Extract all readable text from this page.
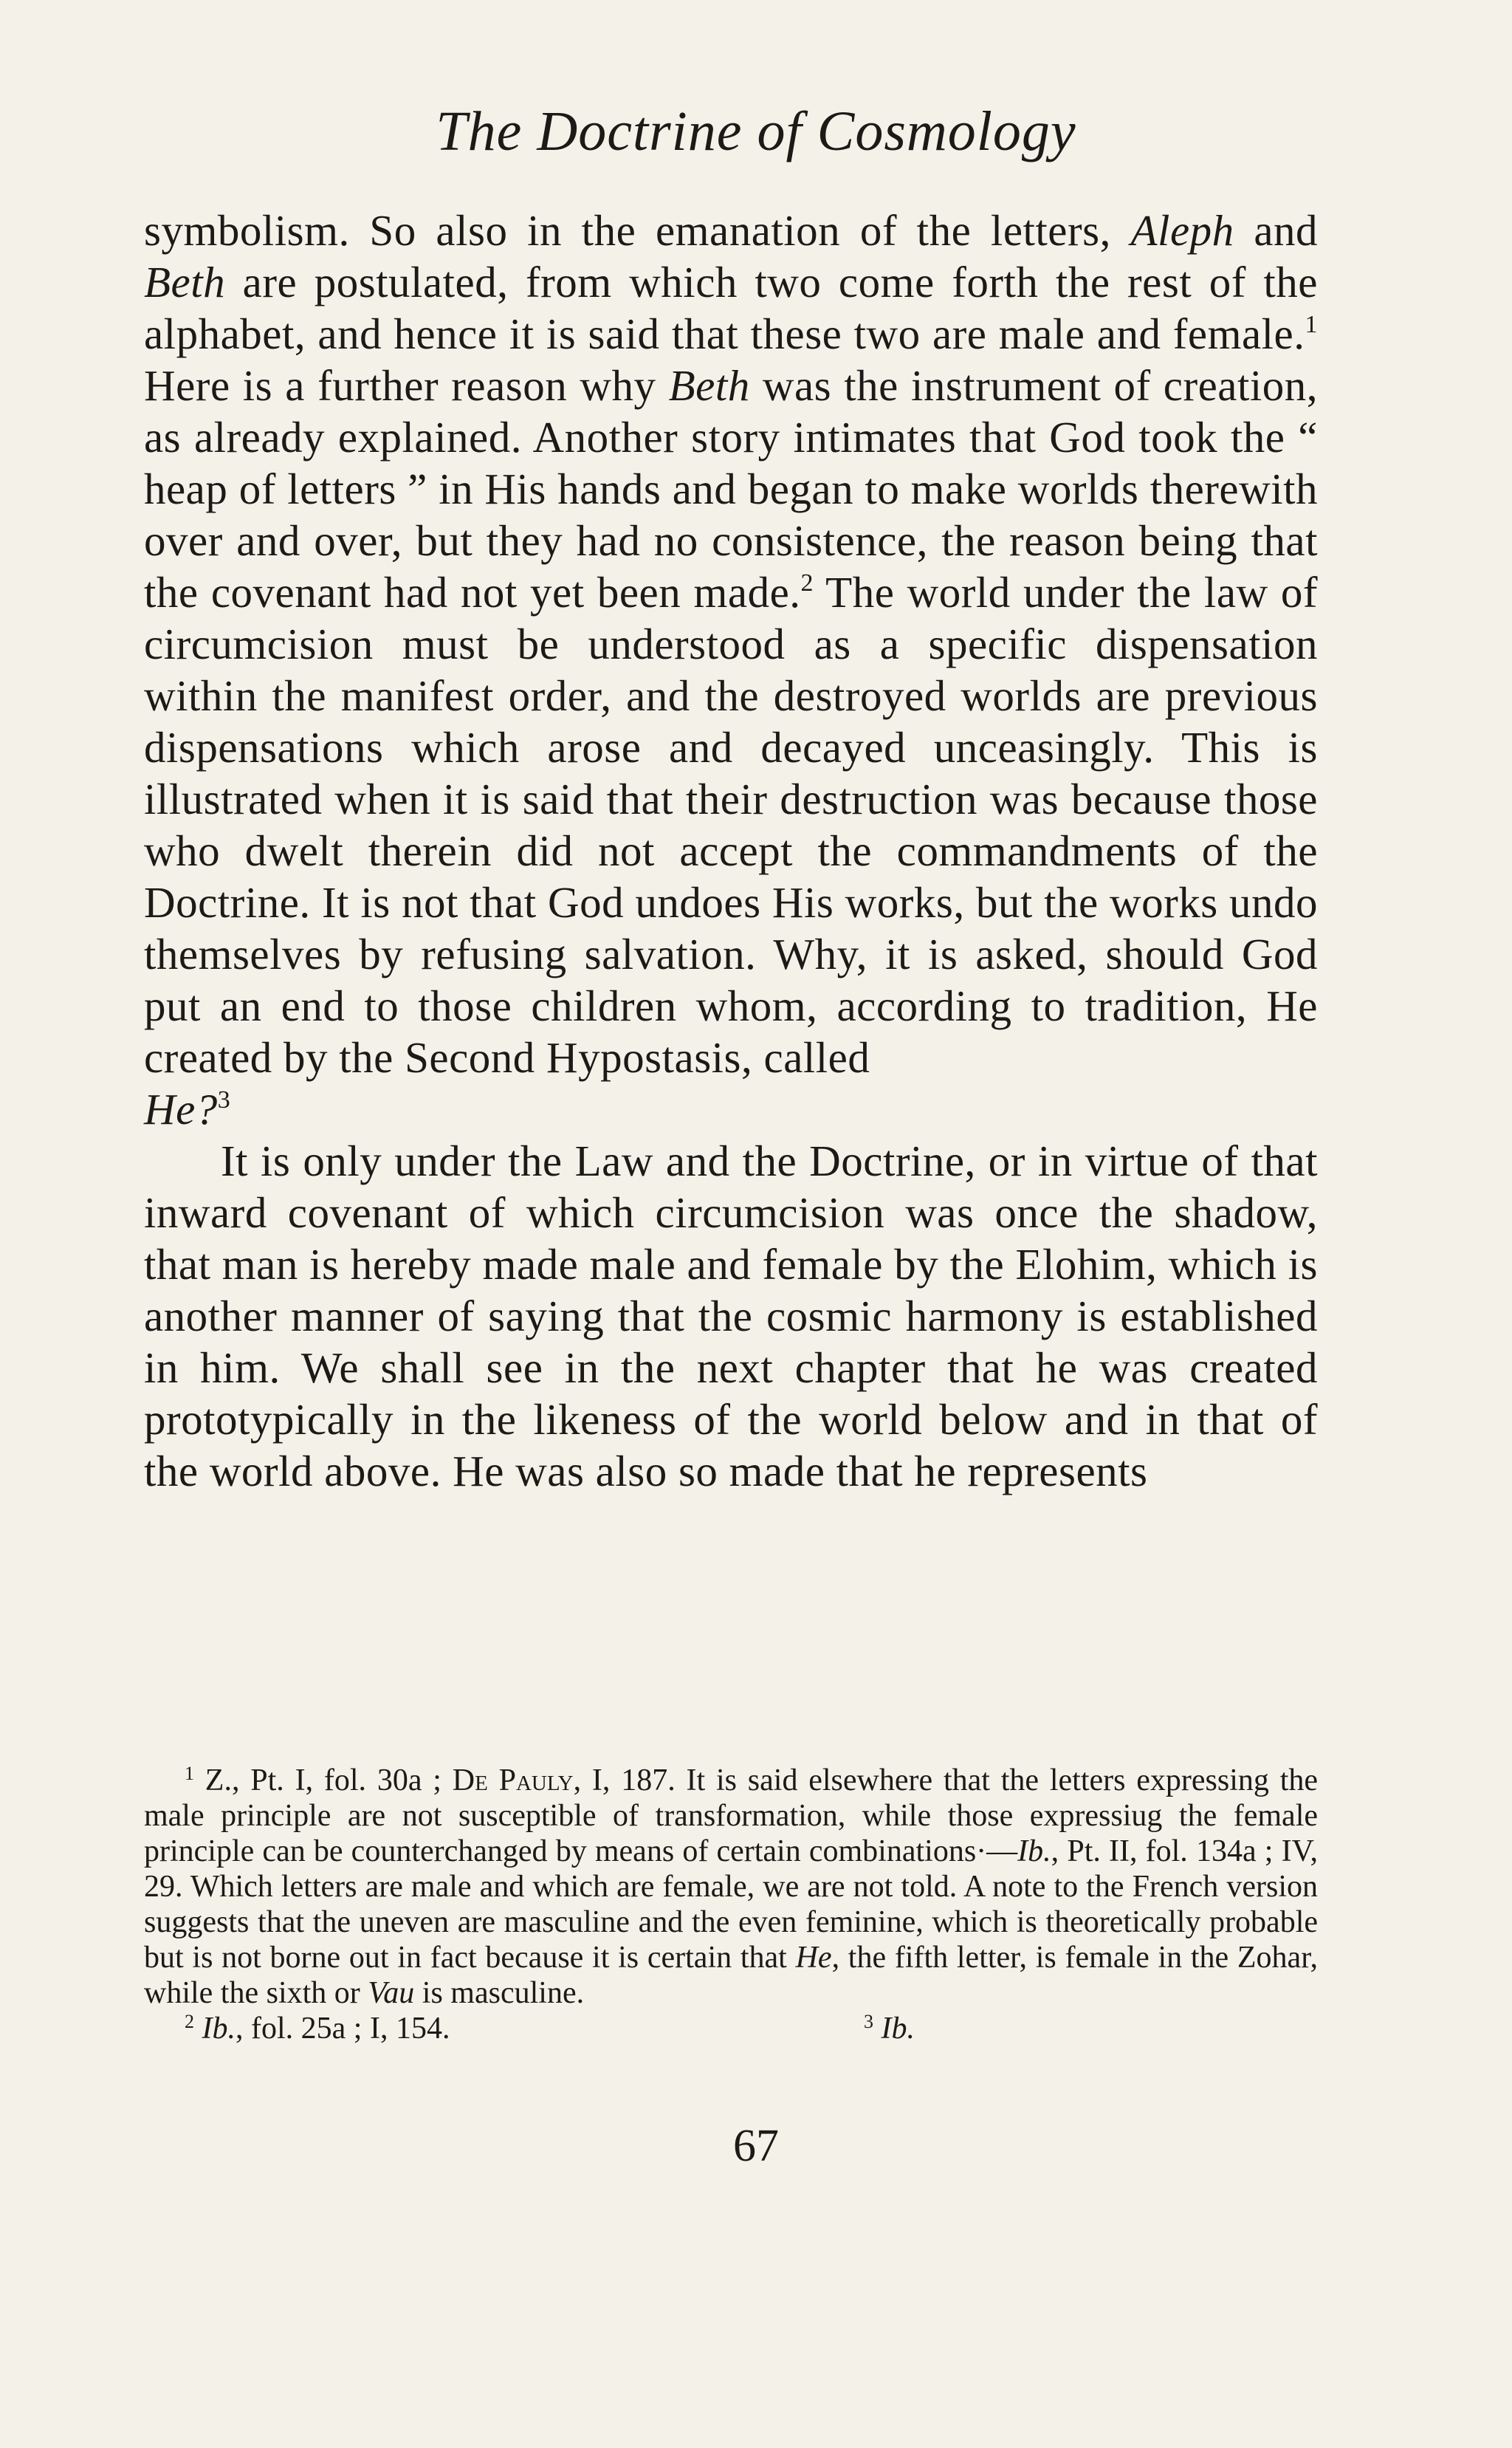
The Doctrine of Cosmology

symbolism. So also in the emanation of the letters, Aleph and Beth are postulated, from which two come forth the rest of the alphabet, and hence it is said that these two are male and female.$^1$ Here is a further reason why Beth was the instrument of creation, as already explained. Another story intimates that God took the “ heap of letters ” in His hands and began to make worlds therewith over and over, but they had no consistence, the reason being that the covenant had not yet been made.$^2$ The world under the law of circumcision must be understood as a specific dispensation within the manifest order, and the destroyed worlds are previous dispensations which arose and decayed unceasingly. This is illustrated when it is said that their destruction was because those who dwelt therein did not accept the commandments of the Doctrine. It is not that God undoes His works, but the works undo themselves by refusing salvation. Why, it is asked, should God put an end to those children whom, according to tradition, He created by the Second Hypostasis, called
He?$^3$

It is only under the Law and the Doctrine, or in virtue of that inward covenant of which circumcision was once the shadow, that man is hereby made male and female by the Elohim, which is another manner of saying that the cosmic harmony is established in him. We shall see in the next chapter that he was created prototypically in the likeness of the world below and in that of the world above. He was also so made that he represents

$^1$ Z., Pt. I, fol. 30a ; De Pauly, I, 187. It is said elsewhere that the letters expressing the male principle are not susceptible of transformation, while those expressiug the female principle can be counterchanged by means of certain combinations·—Ib., Pt. II, fol. 134a ; IV, 29. Which letters are male and which are female, we are not told. A note to the French version suggests that the uneven are masculine and the even feminine, which is theoretically probable but is not borne out in fact because it is certain that He, the fifth letter, is female in the Zohar, while the sixth or Vau is masculine.

$^2$ Ib., fol. 25a ; I, 154.	$^3$ Ib.
67
